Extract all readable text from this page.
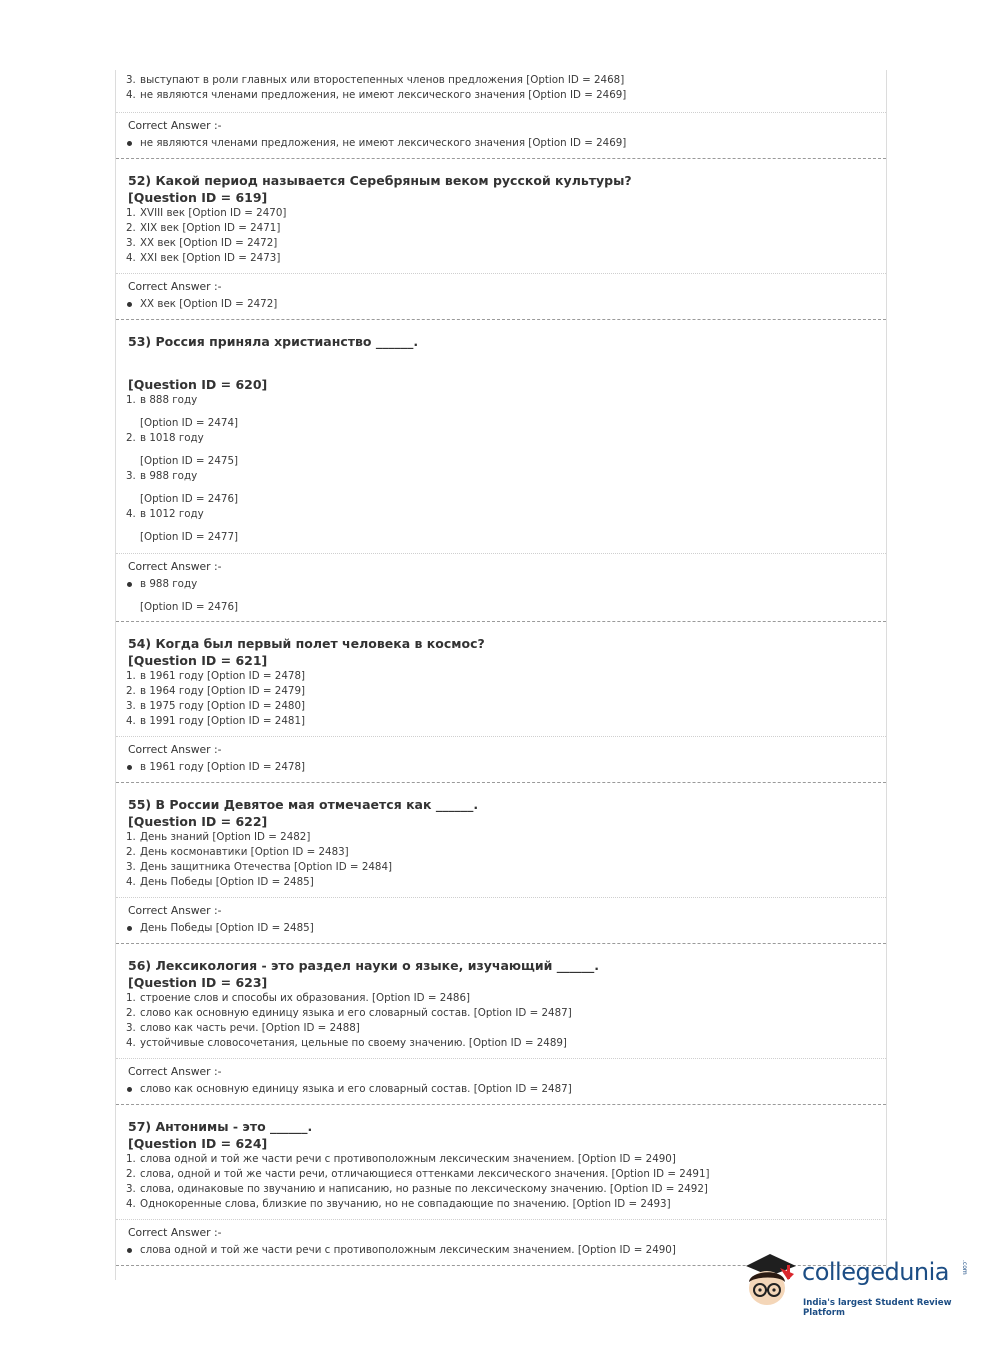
3. выступают в роли главных или второстепенных членов предложения [Option ID = 2468]
4. не являются членами предложения, не имеют лексического значения [Option ID = 2469]
Correct Answer :-
не являются членами предложения, не имеют лексического значения [Option ID = 2469]
52) Какой период называется Серебряным веком русской культуры?
[Question ID = 619]
1. XVIII век [Option ID = 2470]
2. XIX век [Option ID = 2471]
3. XX век [Option ID = 2472]
4. XXI век [Option ID = 2473]
Correct Answer :-
XX век [Option ID = 2472]
53) Россия приняла христианство ______.
[Question ID = 620]
1. в 888 году
[Option ID = 2474]
2. в 1018 году
[Option ID = 2475]
3. в 988 году
[Option ID = 2476]
4. в 1012 году
[Option ID = 2477]
Correct Answer :-
в 988 году
[Option ID = 2476]
54) Когда был первый полет человека в космос?
[Question ID = 621]
1. в 1961 году [Option ID = 2478]
2. в 1964 году [Option ID = 2479]
3. в 1975 году [Option ID = 2480]
4. в 1991 году [Option ID = 2481]
Correct Answer :-
в 1961 году [Option ID = 2478]
55) В России Девятое мая отмечается как ______.
[Question ID = 622]
1. День знаний [Option ID = 2482]
2. День космонавтики [Option ID = 2483]
3. День защитника Отечества [Option ID = 2484]
4. День Победы [Option ID = 2485]
Correct Answer :-
День Победы [Option ID = 2485]
56) Лексикология - это раздел науки о языке, изучающий ______.
[Question ID = 623]
1. строение слов и способы их образования. [Option ID = 2486]
2. слово как основную единицу языка и его словарный состав. [Option ID = 2487]
3. слово как часть речи. [Option ID = 2488]
4. устойчивые словосочетания, цельные по своему значению. [Option ID = 2489]
Correct Answer :-
слово как основную единицу языка и его словарный состав. [Option ID = 2487]
57) Антонимы - это ______.
[Question ID = 624]
1. слова одной и той же части речи с противоположным лексическим значением. [Option ID = 2490]
2. слова, одной и той же части речи, отличающиеся оттенками лексического значения. [Option ID = 2491]
3. слова, одинаковые по звучанию и написанию, но разные по лексическому значению. [Option ID = 2492]
4. Однокоренные слова, близкие по звучанию, но не совпадающие по значению. [Option ID = 2493]
Correct Answer :-
слова одной и той же части речи с противоположным лексическим значением. [Option ID = 2490]
collegedunia .com
India's largest Student Review Platform
